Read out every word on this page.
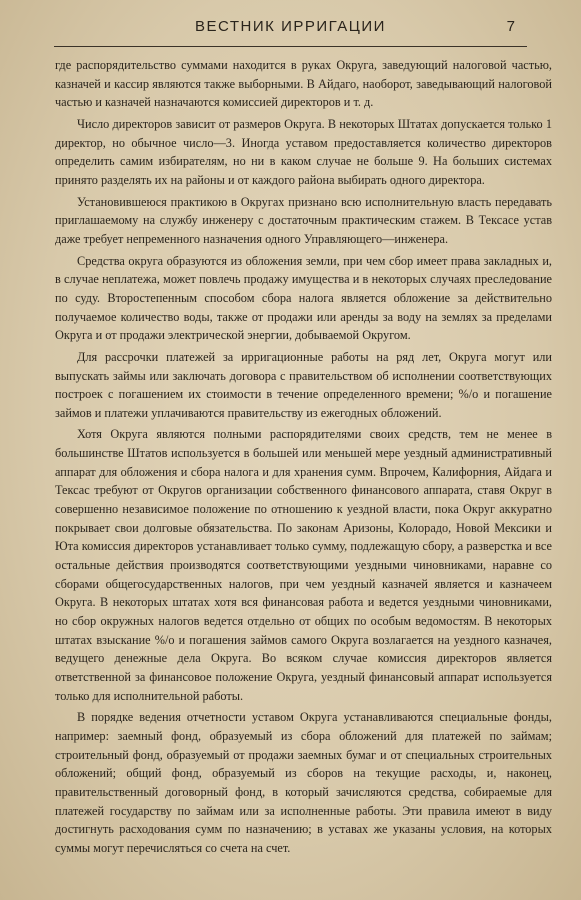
ВЕСТНИК ИРРИГАЦИИ	7

где распорядительство суммами находится в руках Округа, заведующий налоговой частью, казначей и кассир являются также выборными. В Айдаго, наоборот, заведывающий налоговой частью и казначей назначаются комиссией директоров и т. д.

Число директоров зависит от размеров Округа. В некоторых Штатах допускается только 1 директор, но обычное число—3. Иногда уставом предоставляется количество директоров определить самим избирателям, но ни в каком случае не больше 9. На больших системах принято разделять их на районы и от каждого района выбирать одного директора.

Установившеюся практикою в Округах признано всю исполнительную власть передавать приглашаемому на службу инженеру с достаточным практическим стажем. В Тексасе устав даже требует непременного назначения одного Управляющего—инженера.

Средства округа образуются из обложения земли, при чем сбор имеет права закладных и, в случае неплатежа, может повлечь продажу имущества и в некоторых случаях преследование по суду. Второстепенным способом сбора налога является обложение за действительно получаемое количество воды, также от продажи или аренды за воду на землях за пределами Округа и от продажи электрической энергии, добываемой Округом.

Для рассрочки платежей за ирригационные работы на ряд лет, Округа могут или выпускать займы или заключать договора с правительством об исполнении соответствующих построек с погашением их стоимости в течение определенного времени; %/о и погашение займов и платежи уплачиваются правительству из ежегодных обложений.

Хотя Округа являются полными распорядителями своих средств, тем не менее в большинстве Штатов используется в большей или меньшей мере уездный административный аппарат для обложения и сбора налога и для хранения сумм. Впрочем, Калифорния, Айдага и Тексас требуют от Округов организации собственного финансового аппарата, ставя Округ в совершенно независимое положение по отношению к уездной власти, пока Округ аккуратно покрывает свои долговые обязательства. По законам Аризоны, Колорадо, Новой Мексики и Юта комиссия директоров устанавливает только сумму, подлежащую сбору, а разверстка и все остальные действия производятся соответствующими уездными чиновниками, наравне со сборами общегосударственных налогов, при чем уездный казначей является и казначеем Округа. В некоторых штатах хотя вся финансовая работа и ведется уездными чиновниками, но сбор окружных налогов ведется отдельно от общих по особым ведомостям. В некоторых штатах взыскание %/о и погашения займов самого Округа возлагается на уездного казначея, ведущего денежные дела Округа. Во всяком случае комиссия директоров является ответственной за финансовое положение Округа, уездный финансовый аппарат используется только для исполнительной работы.

В порядке ведения отчетности уставом Округа устанавливаются специальные фонды, например: заемный фонд, образуемый из сбора обложений для платежей по займам; строительный фонд, образуемый от продажи заемных бумаг и от специальных строительных обложений; общий фонд, образуемый из сборов на текущие расходы, и, наконец, правительственный договорный фонд, в который зачисляются средства, собираемые для платежей государству по займам или за исполненные работы. Эти правила имеют в виду достигнуть расходования сумм по назначению; в уставах же указаны условия, на которых суммы могут перечисляться со счета на счет.
